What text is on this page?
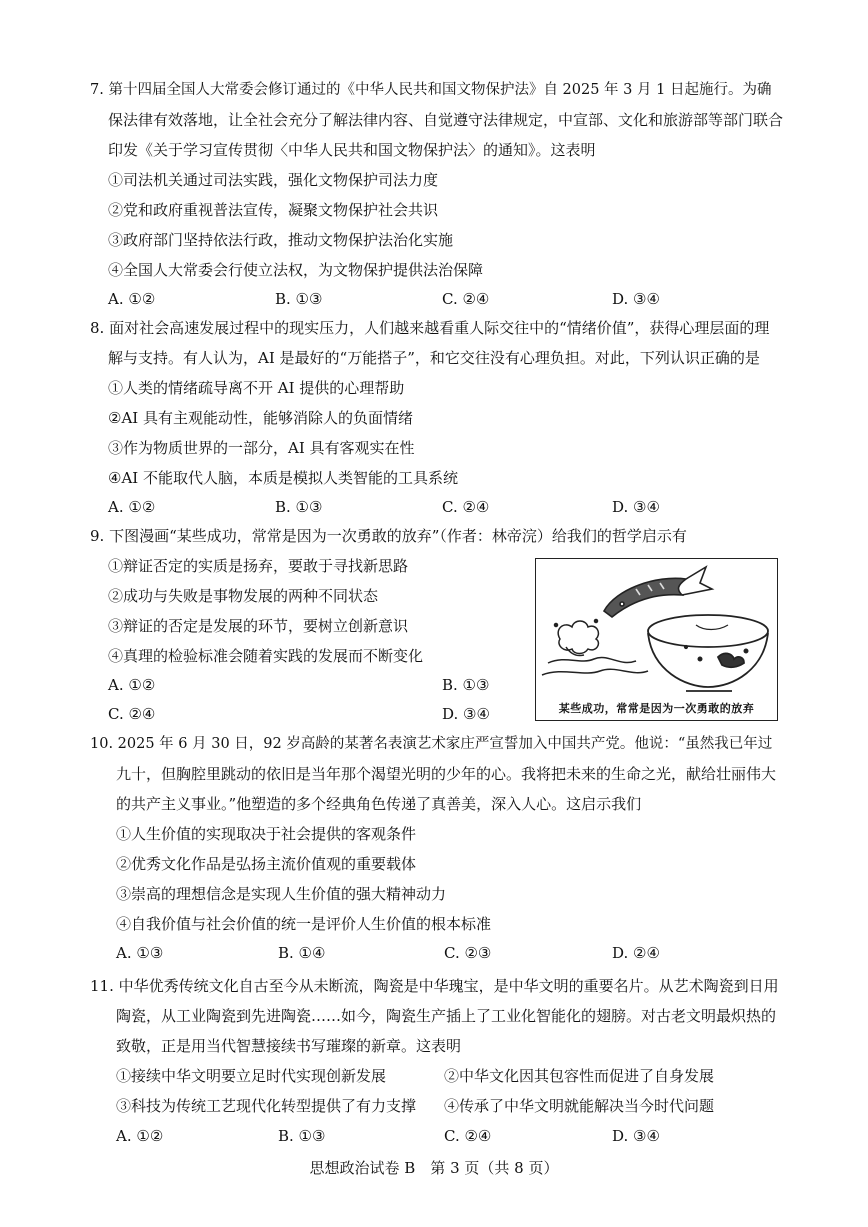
7. 第十四届全国人大常委会修订通过的《中华人民共和国文物保护法》自 2025 年 3 月 1 日起施行。为确
保法律有效落地，让全社会充分了解法律内容、自觉遵守法律规定，中宣部、文化和旅游部等部门联合
印发《关于学习宣传贯彻〈中华人民共和国文物保护法〉的通知》。这表明
①司法机关通过司法实践，强化文物保护司法力度
②党和政府重视普法宣传，凝聚文物保护社会共识
③政府部门坚持依法行政，推动文物保护法治化实施
④全国人大常委会行使立法权，为文物保护提供法治保障
A. ①②	B. ①③	C. ②④	D. ③④
8. 面对社会高速发展过程中的现实压力，人们越来越看重人际交往中的“情绪价值”，获得心理层面的理
解与支持。有人认为，AI 是最好的“万能搭子”，和它交往没有心理负担。对此，下列认识正确的是
①人类的情绪疏导离不开 AI 提供的心理帮助
②AI 具有主观能动性，能够消除人的负面情绪
③作为物质世界的一部分，AI 具有客观实在性
④AI 不能取代人脑，本质是模拟人类智能的工具系统
A. ①②	B. ①③	C. ②④	D. ③④
9. 下图漫画“某些成功，常常是因为一次勇敢的放弃”（作者：林帝浣）给我们的哲学启示有
①辩证否定的实质是扬弃，要敢于寻找新思路
②成功与失败是事物发展的两种不同状态
③辩证的否定是发展的环节，要树立创新意识
④真理的检验标准会随着实践的发展而不断变化
A. ①②	B. ①③
C. ②④	D. ③④	某些成功，常常是因为一次勇敢的放弃
10. 2025 年 6 月 30 日，92 岁高龄的某著名表演艺术家庄严宣誓加入中国共产党。他说：“虽然我已年过
九十，但胸腔里跳动的依旧是当年那个渴望光明的少年的心。我将把未来的生命之光，献给壮丽伟大
的共产主义事业。”他塑造的多个经典角色传递了真善美，深入人心。这启示我们
①人生价值的实现取决于社会提供的客观条件
②优秀文化作品是弘扬主流价值观的重要载体
③崇高的理想信念是实现人生价值的强大精神动力
④自我价值与社会价值的统一是评价人生价值的根本标准
A. ①③	B. ①④	C. ②③	D. ②④
11. 中华优秀传统文化自古至今从未断流，陶瓷是中华瑰宝，是中华文明的重要名片。从艺术陶瓷到日用
陶瓷，从工业陶瓷到先进陶瓷……如今，陶瓷生产插上了工业化智能化的翅膀。对古老文明最炽热的
致敬，正是用当代智慧接续书写璀璨的新章。这表明
①接续中华文明要立足时代实现创新发展	②中华文化因其包容性而促进了自身发展
③科技为传统工艺现代化转型提供了有力支撑 ④传承了中华文明就能解决当今时代问题
A. ①②	B. ①③	C. ②④	D. ③④
思想政治试卷 B　第 3 页（共 8 页）
